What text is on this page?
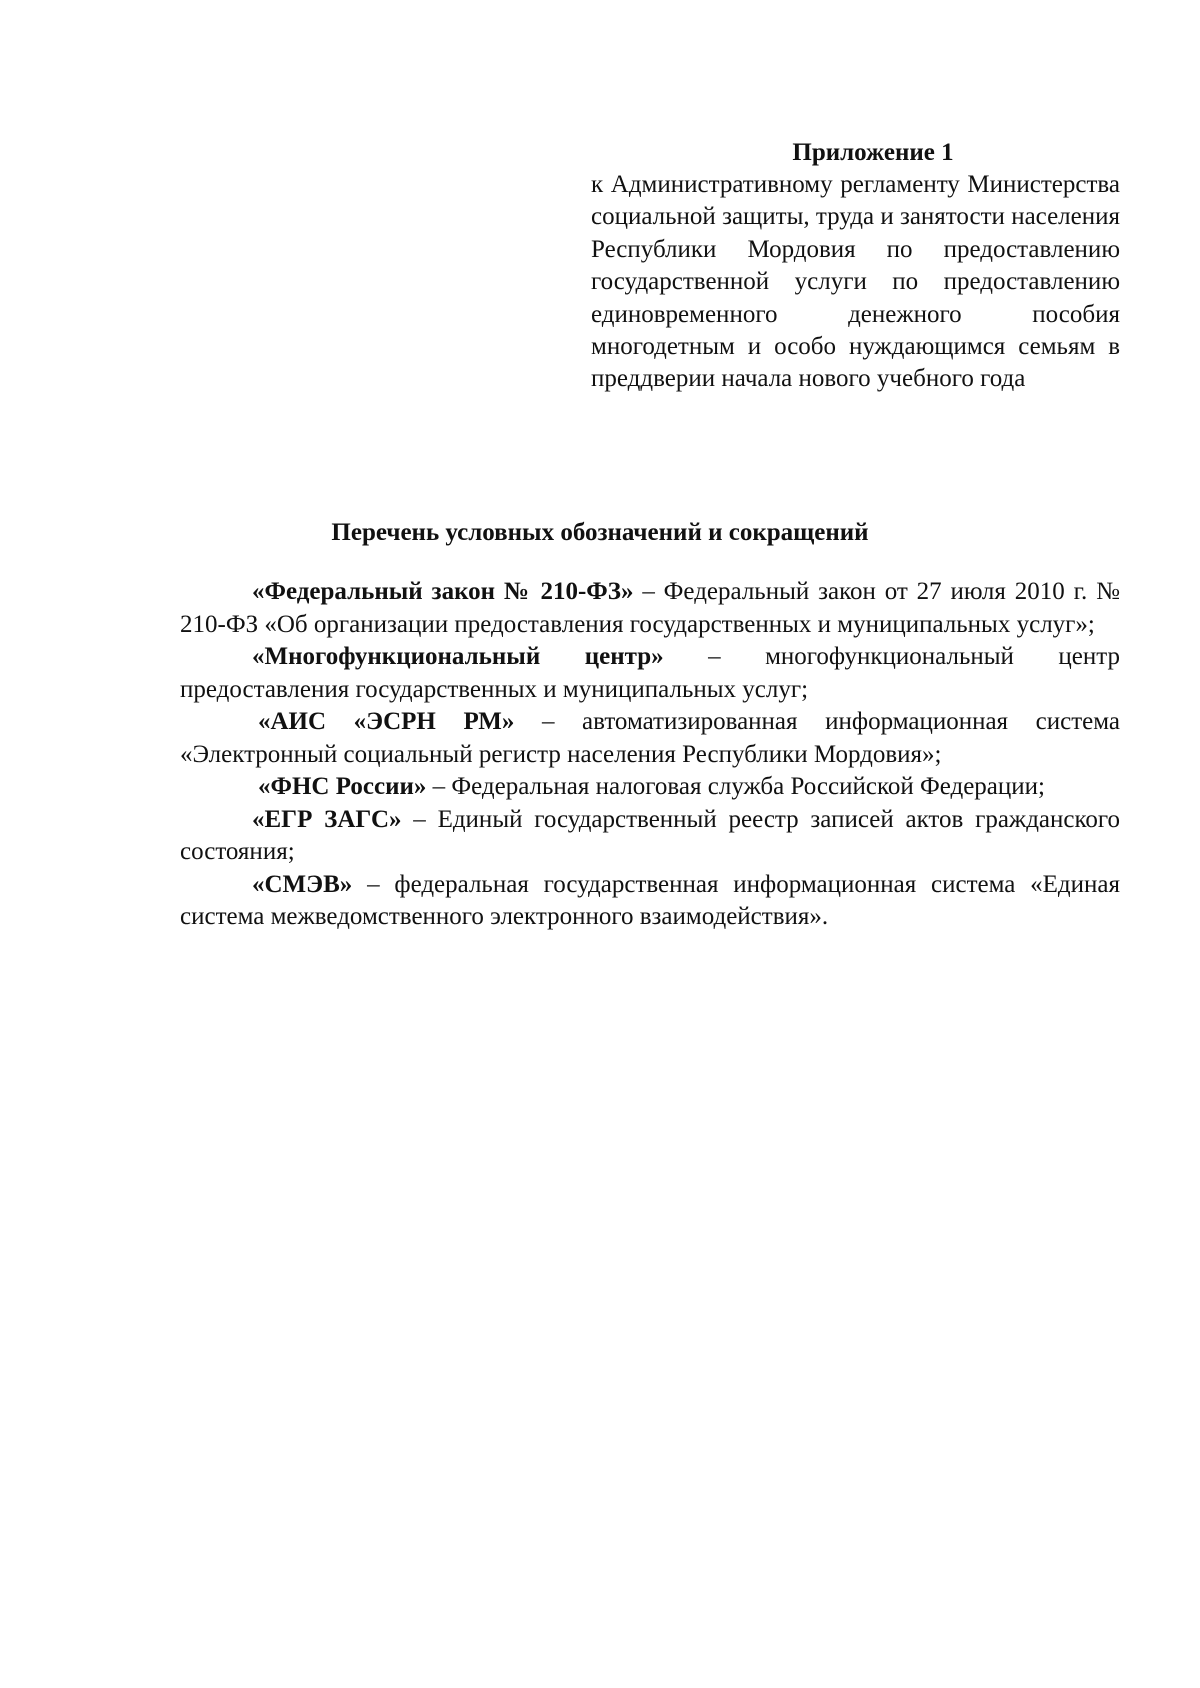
Приложение 1

к Административному регламенту Министерства социальной защиты, труда и занятости населения Республики Мордовия по предоставлению государственной услуги по предоставлению единовременного денежного пособия многодетным и особо нуждающимся семьям в преддверии начала нового учебного года

Перечень условных обозначений и сокращений

«Федеральный закон № 210-ФЗ» – Федеральный закон от 27 июля 2010 г. № 210-ФЗ «Об организации предоставления государственных и муниципальных услуг»;

«Многофункциональный центр» – многофункциональный центр предоставления государственных и муниципальных услуг;

«АИС «ЭСРН РМ» – автоматизированная информационная система «Электронный социальный регистр населения Республики Мордовия»;

«ФНС России» – Федеральная налоговая служба Российской Федерации;

«ЕГР ЗАГС» – Единый государственный реестр записей актов гражданского состояния;

«СМЭВ» – федеральная государственная информационная система «Единая система межведомственного электронного взаимодействия».
